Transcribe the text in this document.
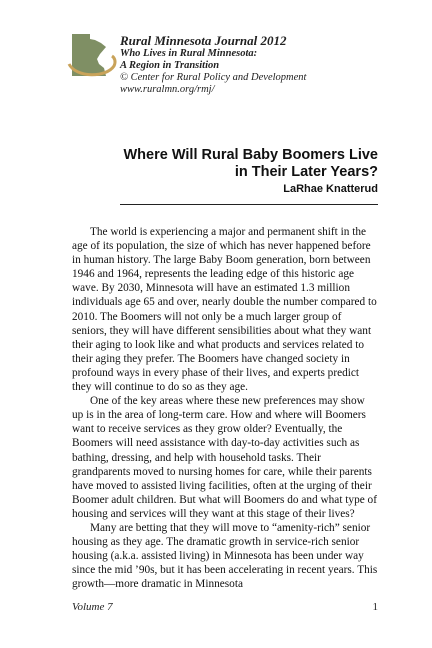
Rural Minnesota Journal 2012
Who Lives in Rural Minnesota:
A Region in Transition
© Center for Rural Policy and Development
www.ruralmn.org/rmj/
Where Will Rural Baby Boomers Live in Their Later Years?
LaRhae Knatterud

The world is experiencing a major and permanent shift in the age of its population, the size of which has never happened before in human history. The large Baby Boom generation, born between 1946 and 1964, represents the leading edge of this historic age wave. By 2030, Minnesota will have an estimated 1.3 million individuals age 65 and over, nearly double the number compared to 2010. The Boomers will not only be a much larger group of seniors, they will have different sensibilities about what they want their aging to look like and what products and services related to their aging they prefer. The Boomers have changed society in profound ways in every phase of their lives, and experts predict they will continue to do so as they age.

One of the key areas where these new preferences may show up is in the area of long-term care. How and where will Boomers want to receive services as they grow older? Eventually, the Boomers will need assistance with day-to-day activities such as bathing, dressing, and help with household tasks. Their grandparents moved to nursing homes for care, while their parents have moved to assisted living facilities, often at the urging of their Boomer adult children. But what will Boomers do and what type of housing and services will they want at this stage of their lives?

Many are betting that they will move to “amenity-rich” senior housing as they age. The dramatic growth in service-rich senior housing (a.k.a. assisted living) in Minnesota has been under way since the mid ’90s, but it has been accelerating in recent years. This growth—more dramatic in Minnesota

Volume 7	1
